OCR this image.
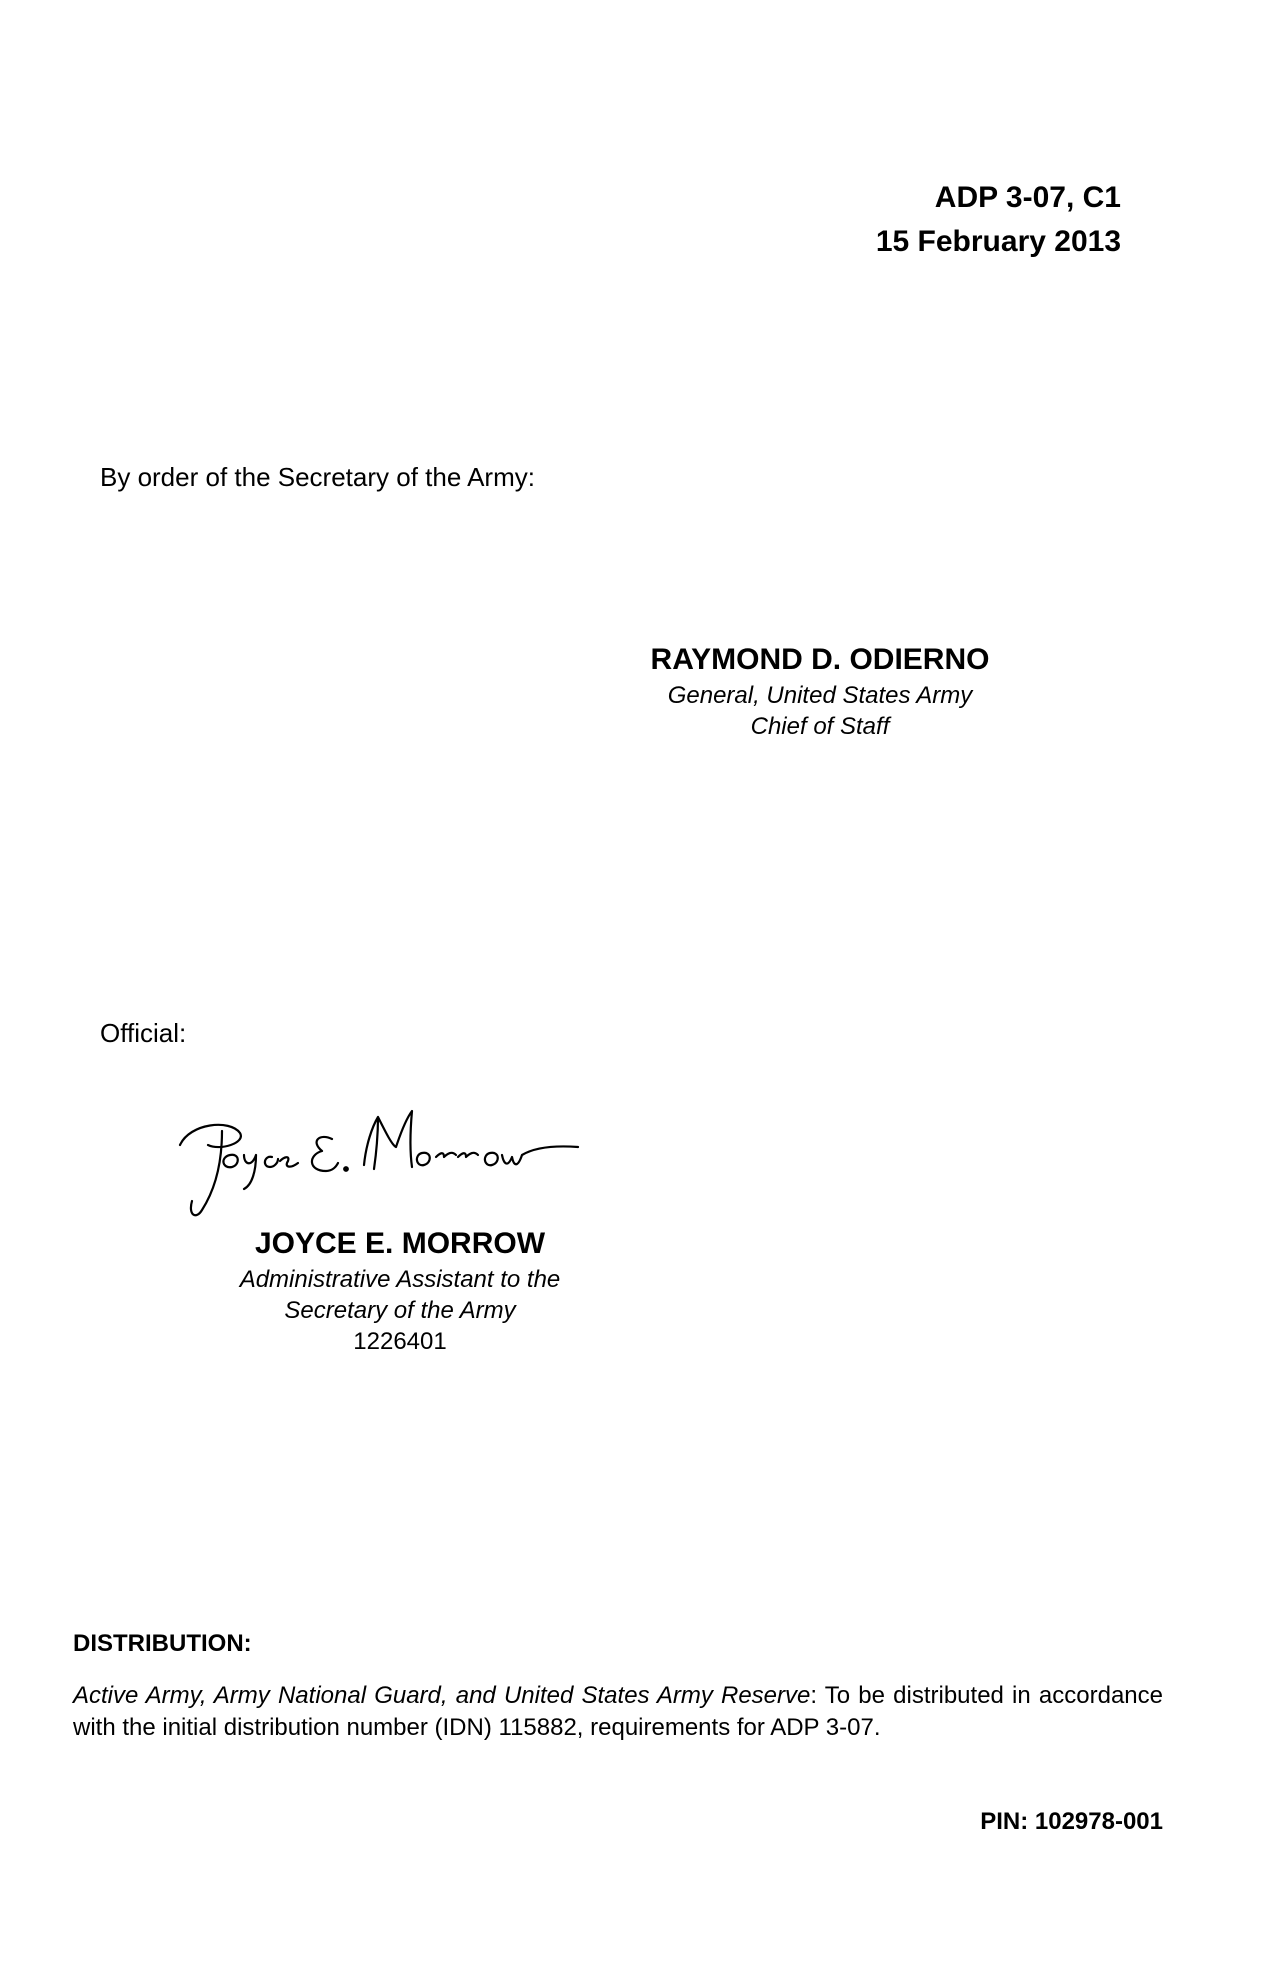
ADP 3-07, C1
15 February 2013
By order of the Secretary of the Army:
RAYMOND D. ODIERNO
General, United States Army
Chief of Staff
Official:
JOYCE E. MORROW
Administrative Assistant to the
Secretary of the Army
1226401
DISTRIBUTION:
Active Army, Army National Guard, and United States Army Reserve: To be distributed in accordance with the initial distribution number (IDN) 115882, requirements for ADP 3-07.
PIN: 102978-001
